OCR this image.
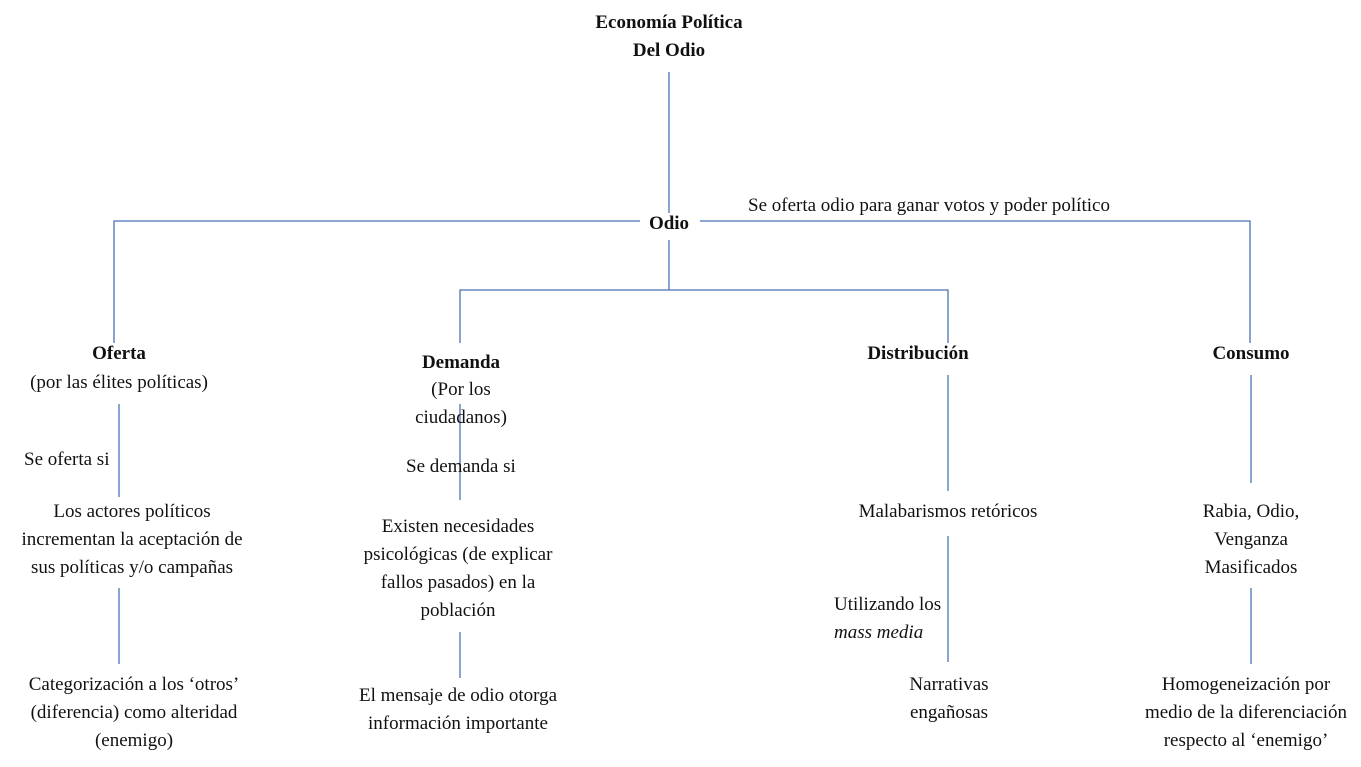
Economía Política
Del Odio
Odio
Se oferta odio para ganar votos y poder político
Oferta
(por las élites políticas)
Se oferta si
Los actores políticos
incrementan la aceptación de
sus políticas y/o campañas
Categorización a los ‘otros’
(diferencia) como alteridad
(enemigo)
Demanda
(Por los
ciudadanos)
Se demanda si
Existen necesidades
psicológicas (de explicar
fallos pasados) en la
población
El mensaje de odio otorga
información importante
Distribución
Malabarismos retóricos
Utilizando los
mass media
Narrativas
engañosas
Consumo
Rabia, Odio,
Venganza
Masificados
Homogeneización por
medio de la diferenciación
respecto al ‘enemigo’
